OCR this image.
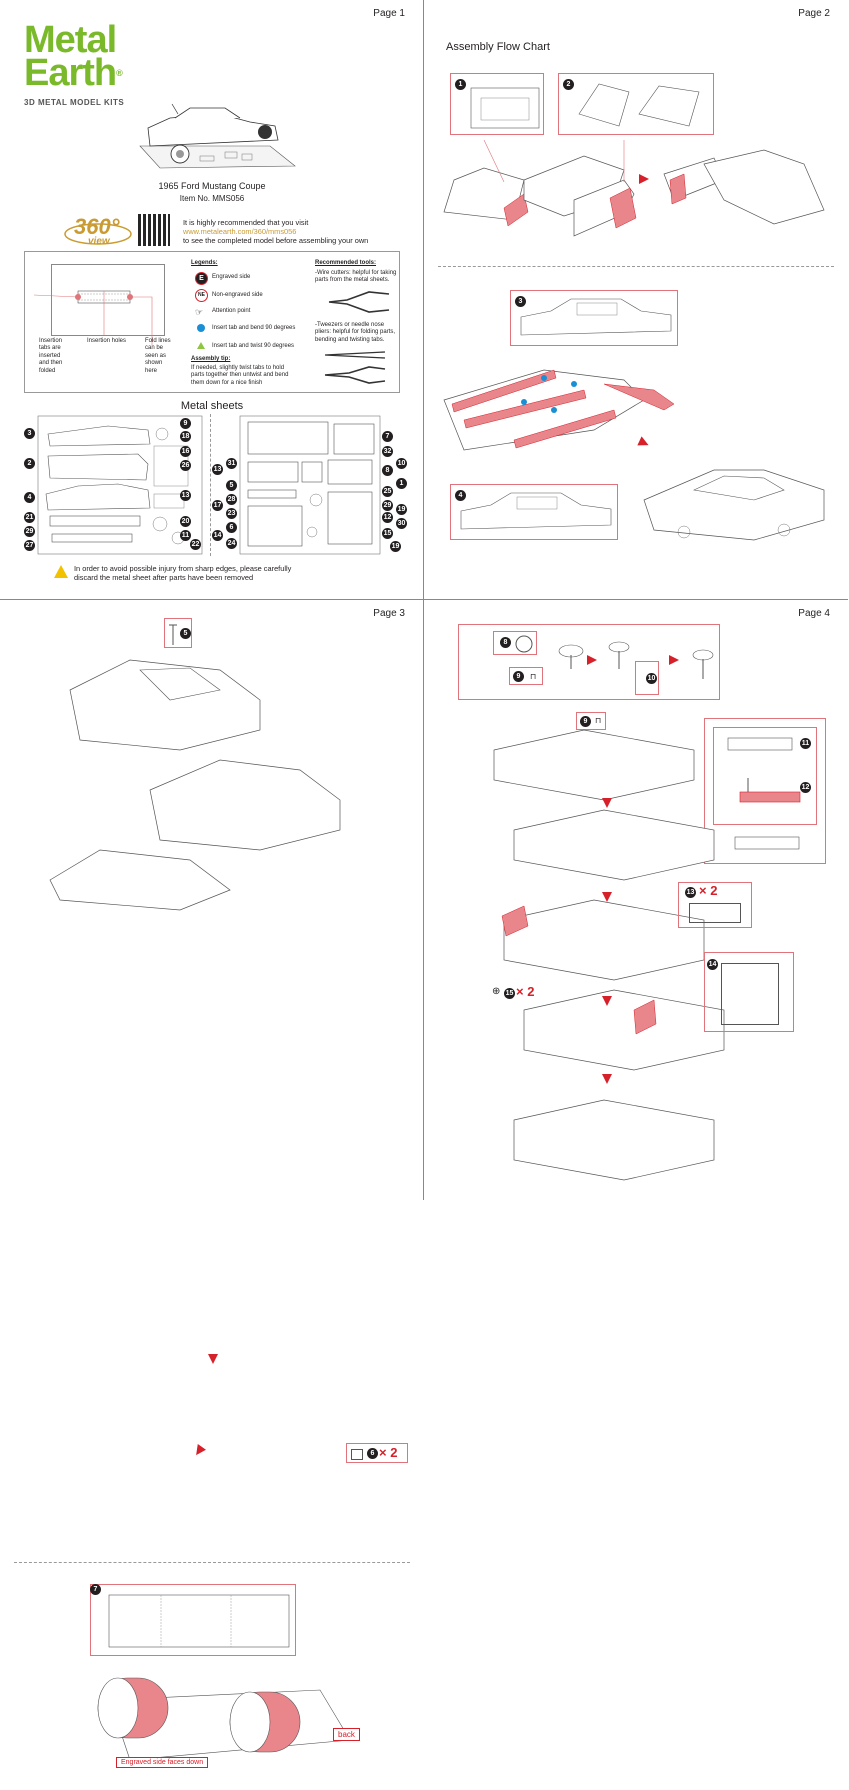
Page 1
Metal
Earth®
3D METAL MODEL KITS
1965 Ford Mustang Coupe
Item No. MMS056
360°
view
It is highly recommended that you visit
www.metalearth.com/360/mms056
to see the completed model before assembling your own
Insertion tabs are inserted and then folded
Insertion holes	Fold lines can be seen as shown here
Legends:
E	Engraved side
NE	Non-engraved side
☞ Attention point
Insert tab and bend 90 degrees
Insert tab and twist 90 degrees
Assembly tip:
If needed, slightly twist tabs to hold parts together then untwist and bend them down for a nice finish
Recommended tools:
-Wire cutters: helpful for taking parts from the metal sheets.
-Tweezers or needle nose pliers: helpful for folding parts, bending and twisting tabs.
Metal sheets
3
2
4
21
29
27
9
18
16
26
13
20
11
22
31
13
5
28
17
23
6
24
14
7
32
10
8
1
25
29
19
12
30
15
19
In order to avoid possible injury from sharp edges, please carefully
discard the metal sheet after parts have been removed
Page 2
Assembly Flow Chart
1	2
3
4
Page 3
5
6 × 2
7
back
Engraved side faces down
Page 4
8
9	⊓	10
9 ⊓
11
12
13 × 2
14
⊕ 15 × 2
